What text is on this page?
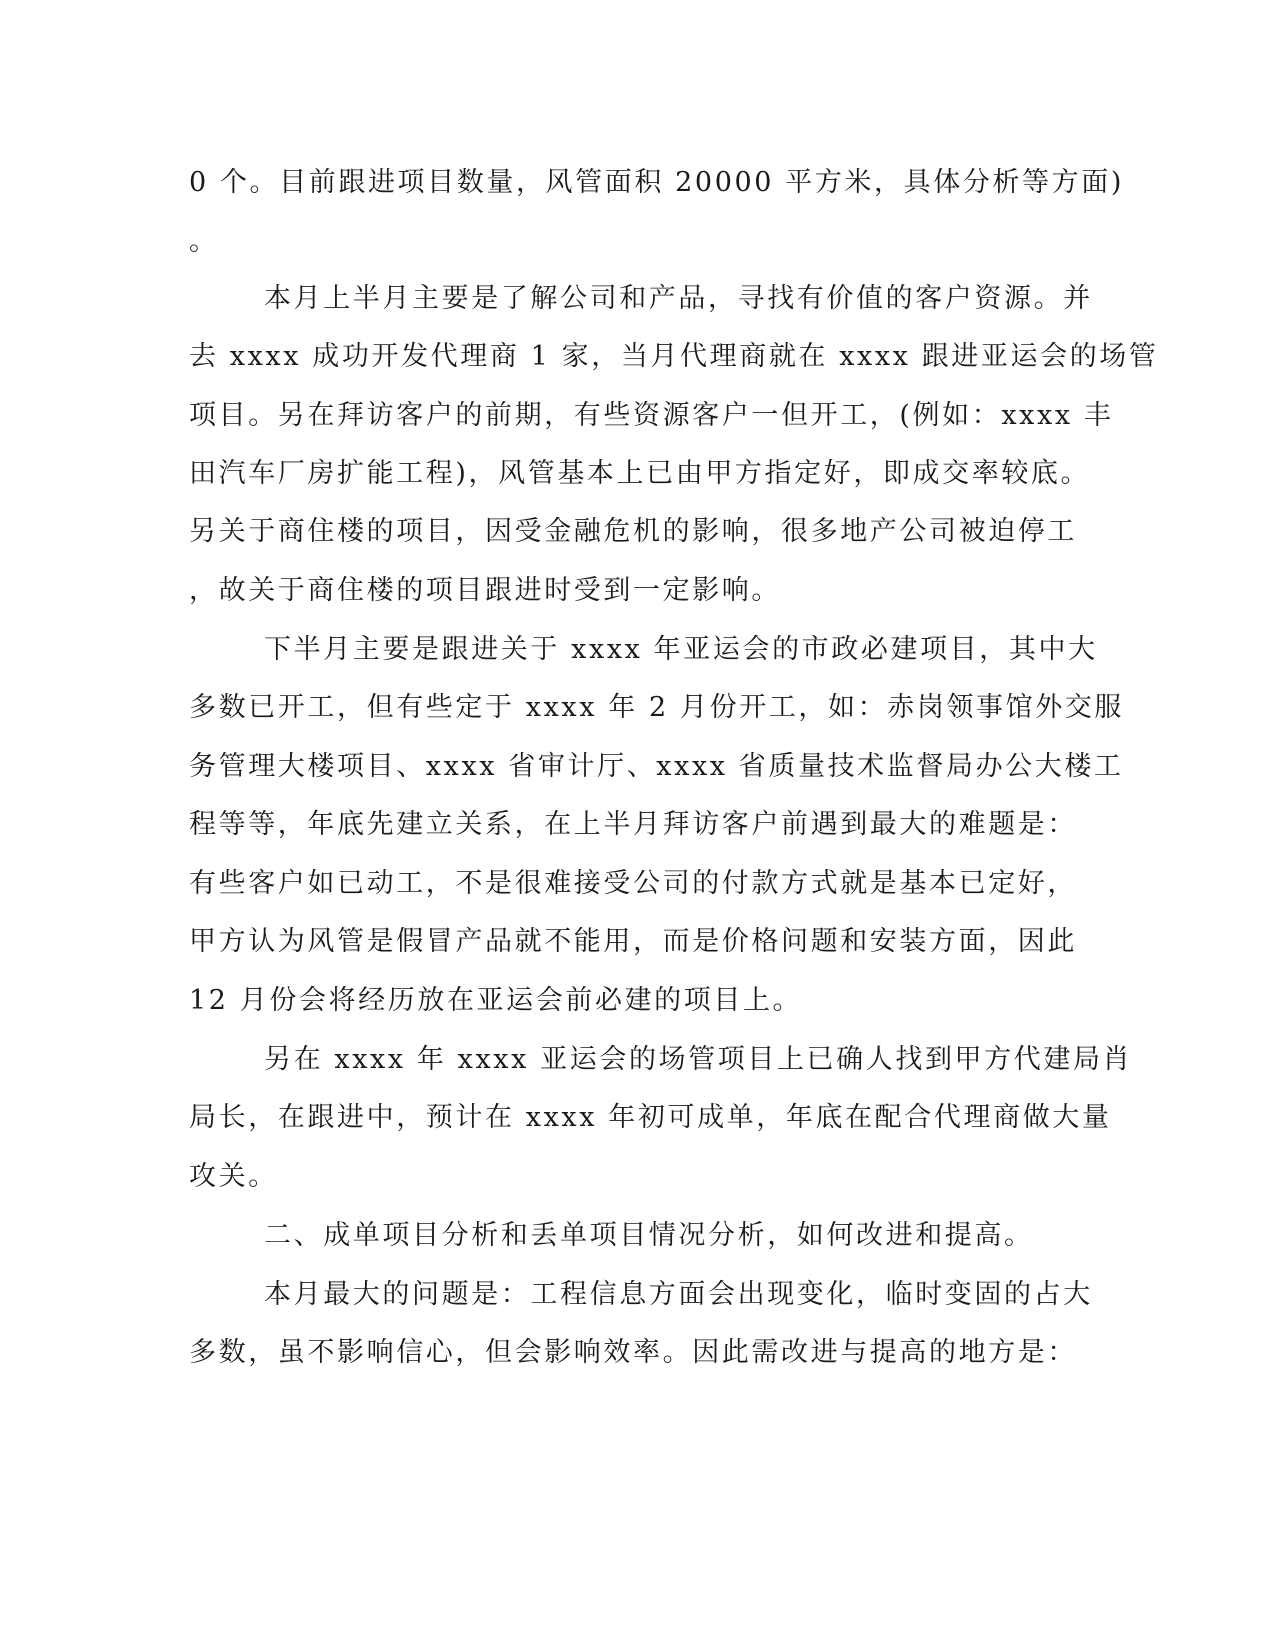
0 个。目前跟进项目数量，风管面积 20000 平方米，具体分析等方面)
。
本月上半月主要是了解公司和产品，寻找有价值的客户资源。并
去 xxxx 成功开发代理商 1 家，当月代理商就在 xxxx 跟进亚运会的场管
项目。另在拜访客户的前期，有些资源客户一但开工，(例如：xxxx 丰
田汽车厂房扩能工程)，风管基本上已由甲方指定好，即成交率较底。
另关于商住楼的项目，因受金融危机的影响，很多地产公司被迫停工
，故关于商住楼的项目跟进时受到一定影响。
下半月主要是跟进关于 xxxx 年亚运会的市政必建项目，其中大
多数已开工，但有些定于 xxxx 年 2 月份开工，如：赤岗领事馆外交服
务管理大楼项目、xxxx 省审计厅、xxxx 省质量技术监督局办公大楼工
程等等，年底先建立关系，在上半月拜访客户前遇到最大的难题是：
有些客户如已动工，不是很难接受公司的付款方式就是基本已定好，
甲方认为风管是假冒产品就不能用，而是价格问题和安装方面，因此
12 月份会将经历放在亚运会前必建的项目上。
另在 xxxx 年 xxxx 亚运会的场管项目上已确人找到甲方代建局肖
局长，在跟进中，预计在 xxxx 年初可成单，年底在配合代理商做大量
攻关。
二、成单项目分析和丢单项目情况分析，如何改进和提高。
本月最大的问题是：工程信息方面会出现变化，临时变固的占大
多数，虽不影响信心，但会影响效率。因此需改进与提高的地方是：
